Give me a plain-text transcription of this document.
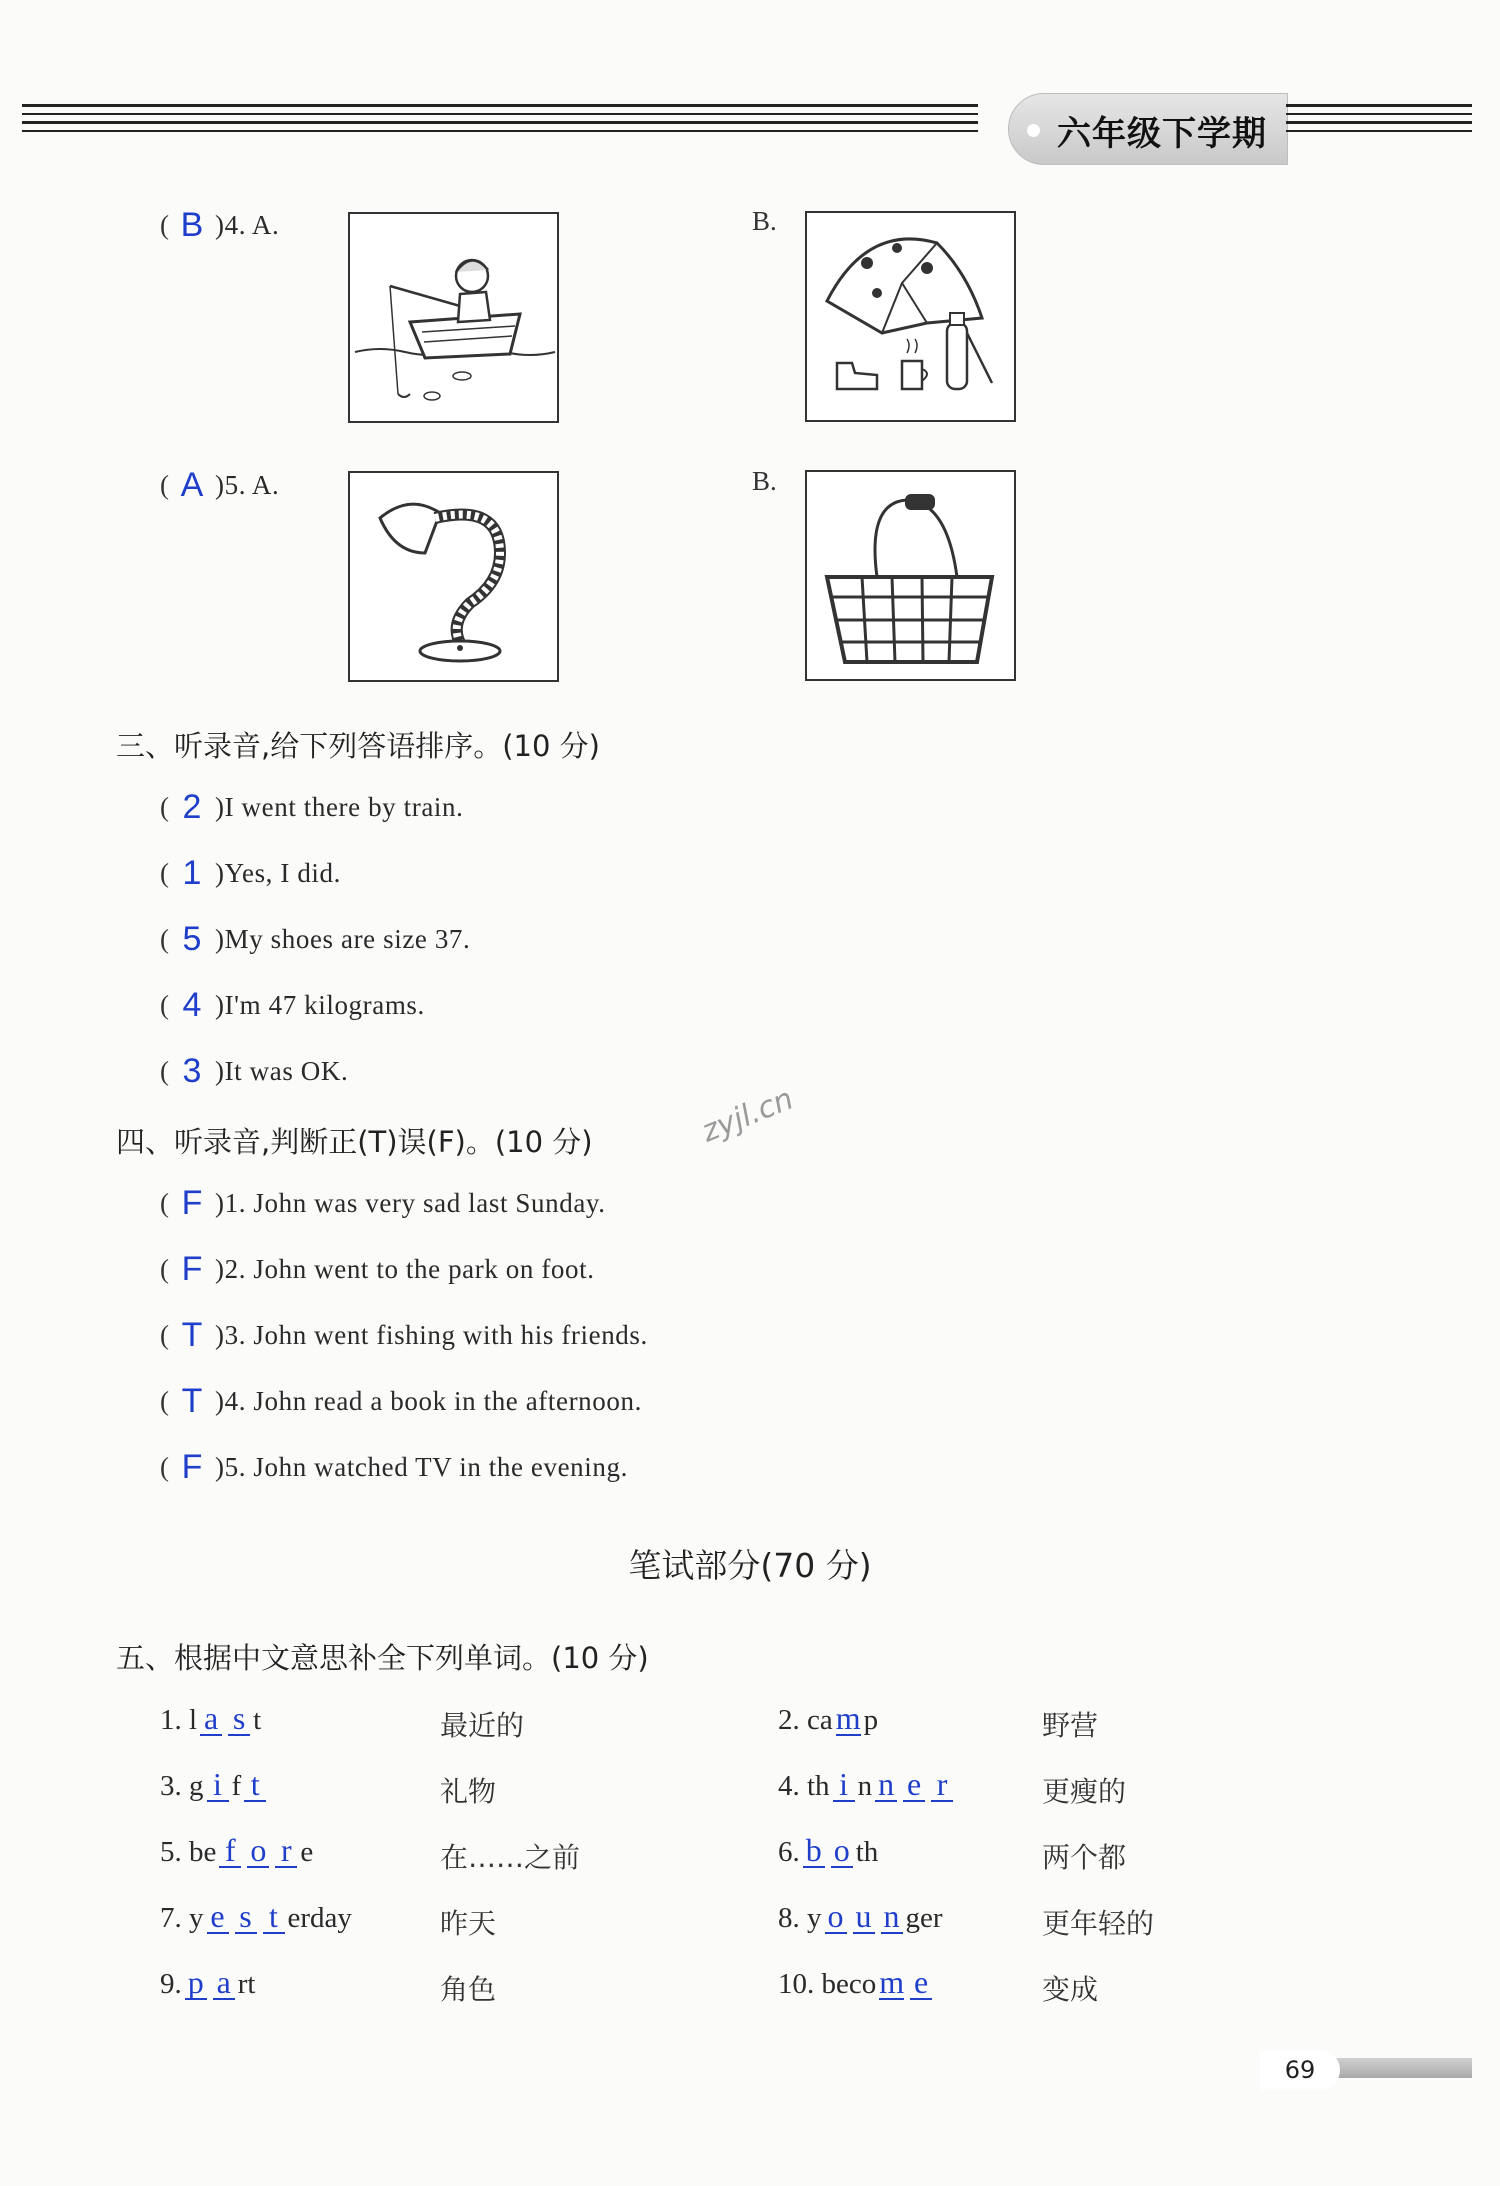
六年级下学期
( B )4. A.	B.
( A )5. A.	B.
三、听录音,给下列答语排序。(10 分)
( 2 )I went there by train.
( 1 )Yes, I did.
( 5 )My shoes are size 37.
( 4 )I'm 47 kilograms.
( 3 )It was OK.
四、听录音,判断正(T)误(F)。(10 分)	zyjl.cn
( F )1. John was very sad last Sunday.
( F )2. John went to the park on foot.
( T )3. John went fishing with his friends.
( T )4. John read a book in the afternoon.
( F )5. John watched TV in the evening.
笔试部分(70 分)
五、根据中文意思补全下列单词。(10 分)
1. l a s t	最近的
3. g i f t	礼物
5. be f o r e	在……之前
7. y e s t erday	昨天
9. p a rt	角色
2. cam p	野营
4. th i n n e r	更瘦的
6. b o th	两个都
8. y o u n ger	更年轻的
10. becom e	变成
69
